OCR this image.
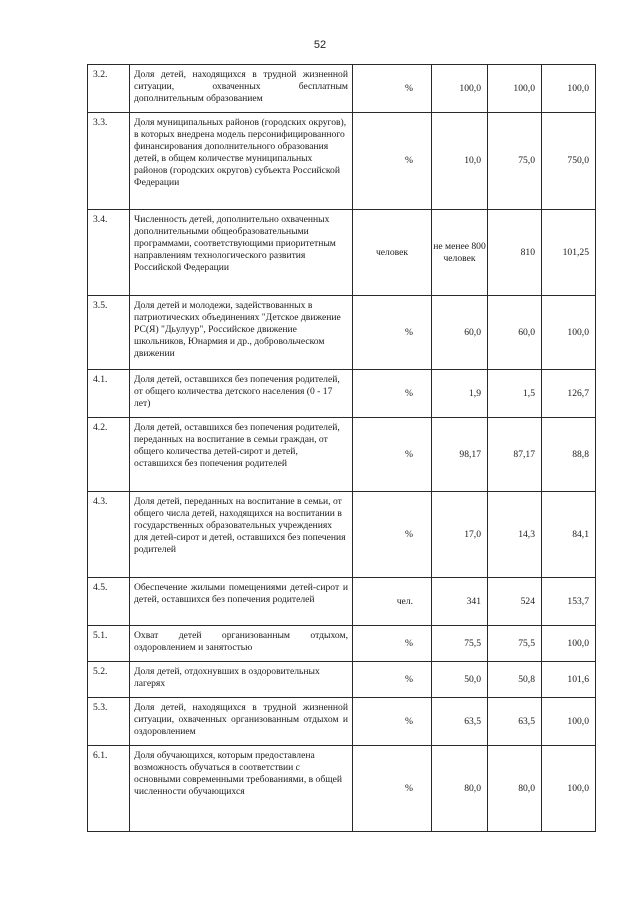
52
3.2.	Доля детей, находящихся в трудной жизненной ситуации, охваченных бесплатным дополнительным образованием	%	100,0	100,0	100,0
3.3.	Доля муниципальных районов (городских округов), в которых внедрена модель персонифицированного финансирования дополнительного образования детей, в общем количестве муниципальных районов (городских округов) субъекта Российской Федерации	%	10,0	75,0	750,0
3.4.	Численность детей, дополнительно охваченных дополнительными общеобразовательными программами, соответствующими приоритетным направлениям технологического развития Российской Федерации	человек	не менее 800 человек	810	101,25
3.5.	Доля детей и молодежи, задействованных в патриотических объединениях "Детское движение РС(Я) "Дьулуур", Российское движение школьников, Юнармия и др., добровольческом движении	%	60,0	60,0	100,0
4.1.	Доля детей, оставшихся без попечения родителей, от общего количества детского населения (0 - 17 лет)	%	1,9	1,5	126,7
4.2.	Доля детей, оставшихся без попечения родителей, переданных на воспитание в семьи граждан, от общего количества детей-сирот и детей, оставшихся без попечения родителей	%	98,17	87,17	88,8
4.3.	Доля детей, переданных на воспитание в семьи, от общего числа детей, находящихся на воспитании в государственных образовательных учреждениях для детей-сирот и детей, оставшихся без попечения родителей	%	17,0	14,3	84,1
4.5.	Обеспечение жилыми помещениями детей-сирот и детей, оставшихся без попечения родителей	чел.	341	524	153,7
5.1.	Охват детей организованным отдыхом, оздоровлением и занятостью	%	75,5	75,5	100,0
5.2.	Доля детей, отдохнувших в оздоровительных лагерях	%	50,0	50,8	101,6
5.3.	Доля детей, находящихся в трудной жизненной ситуации, охваченных организованным отдыхом и оздоровлением	%	63,5	63,5	100,0
6.1.	Доля обучающихся, которым предоставлена возможность обучаться в соответствии с основными современными требованиями, в общей численности обучающихся	%	80,0	80,0	100,0
